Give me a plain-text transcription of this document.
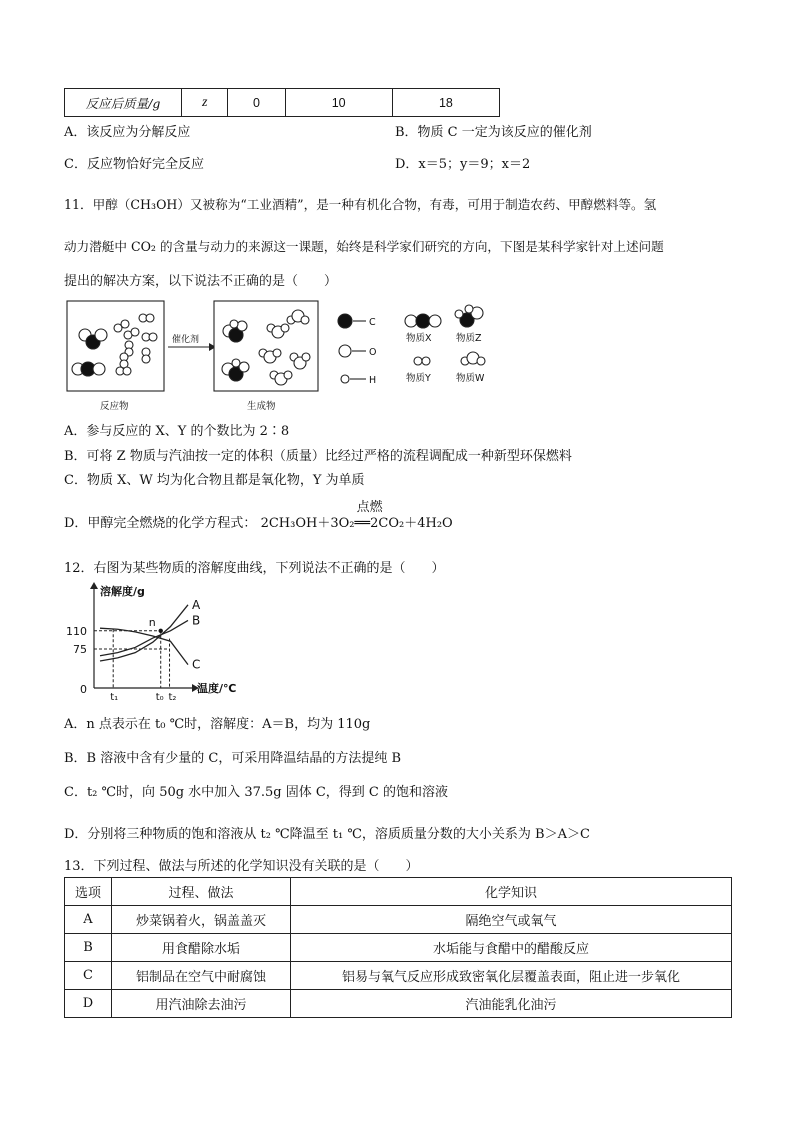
反应后质量/g	z	0	10	18
A．该反应为分解反应	B．物质 C 一定为该反应的催化剂
C．反应物恰好完全反应	D．x＝5；y＝9；x＝2
11．甲醇（CH₃OH）又被称为“工业酒精”，是一种有机化合物，有毒，可用于制造农药、甲醇燃料等。氢
动力潜艇中 CO₂ 的含量与动力的来源这一课题，始终是科学家们研究的方向，下图是某科学家针对上述问题
提出的解决方案，以下说法不正确的是（　　）
反应物	生成物
催化剂
C
O
H
物质X	物质Z
物质Y	物质W
A．参与反应的 X、Y 的个数比为 2∶8
B．可将 Z 物质与汽油按一定的体积（质量）比经过严格的流程调配成一种新型环保燃料
C．物质 X、W 均为化合物且都是氧化物，Y 为单质
D．甲醇完全燃烧的化学方程式：
点燃
2CH₃OH＋3O₂══2CO₂＋4H₂O
12．右图为某些物质的溶解度曲线，下列说法不正确的是（　　）
A
B
C
n
110
75
0
t₁	t₀ t₂
溶解度/g
温度/℃
A．n 点表示在 t₀ ℃时，溶解度：A＝B，均为 110g
B．B 溶液中含有少量的 C，可采用降温结晶的方法提纯 B
C．t₂ ℃时，向 50g 水中加入 37.5g 固体 C，得到 C 的饱和溶液
D．分别将三种物质的饱和溶液从 t₂ ℃降温至 t₁ ℃，溶质质量分数的大小关系为 B＞A＞C
13．下列过程、做法与所述的化学知识没有关联的是（　　）
选项	过程、做法	化学知识
A	炒菜锅着火，锅盖盖灭	隔绝空气或氧气
B	用食醋除水垢	水垢能与食醋中的醋酸反应
C	铝制品在空气中耐腐蚀	铝易与氧气反应形成致密氧化层覆盖表面，阻止进一步氧化
D	用汽油除去油污	汽油能乳化油污
